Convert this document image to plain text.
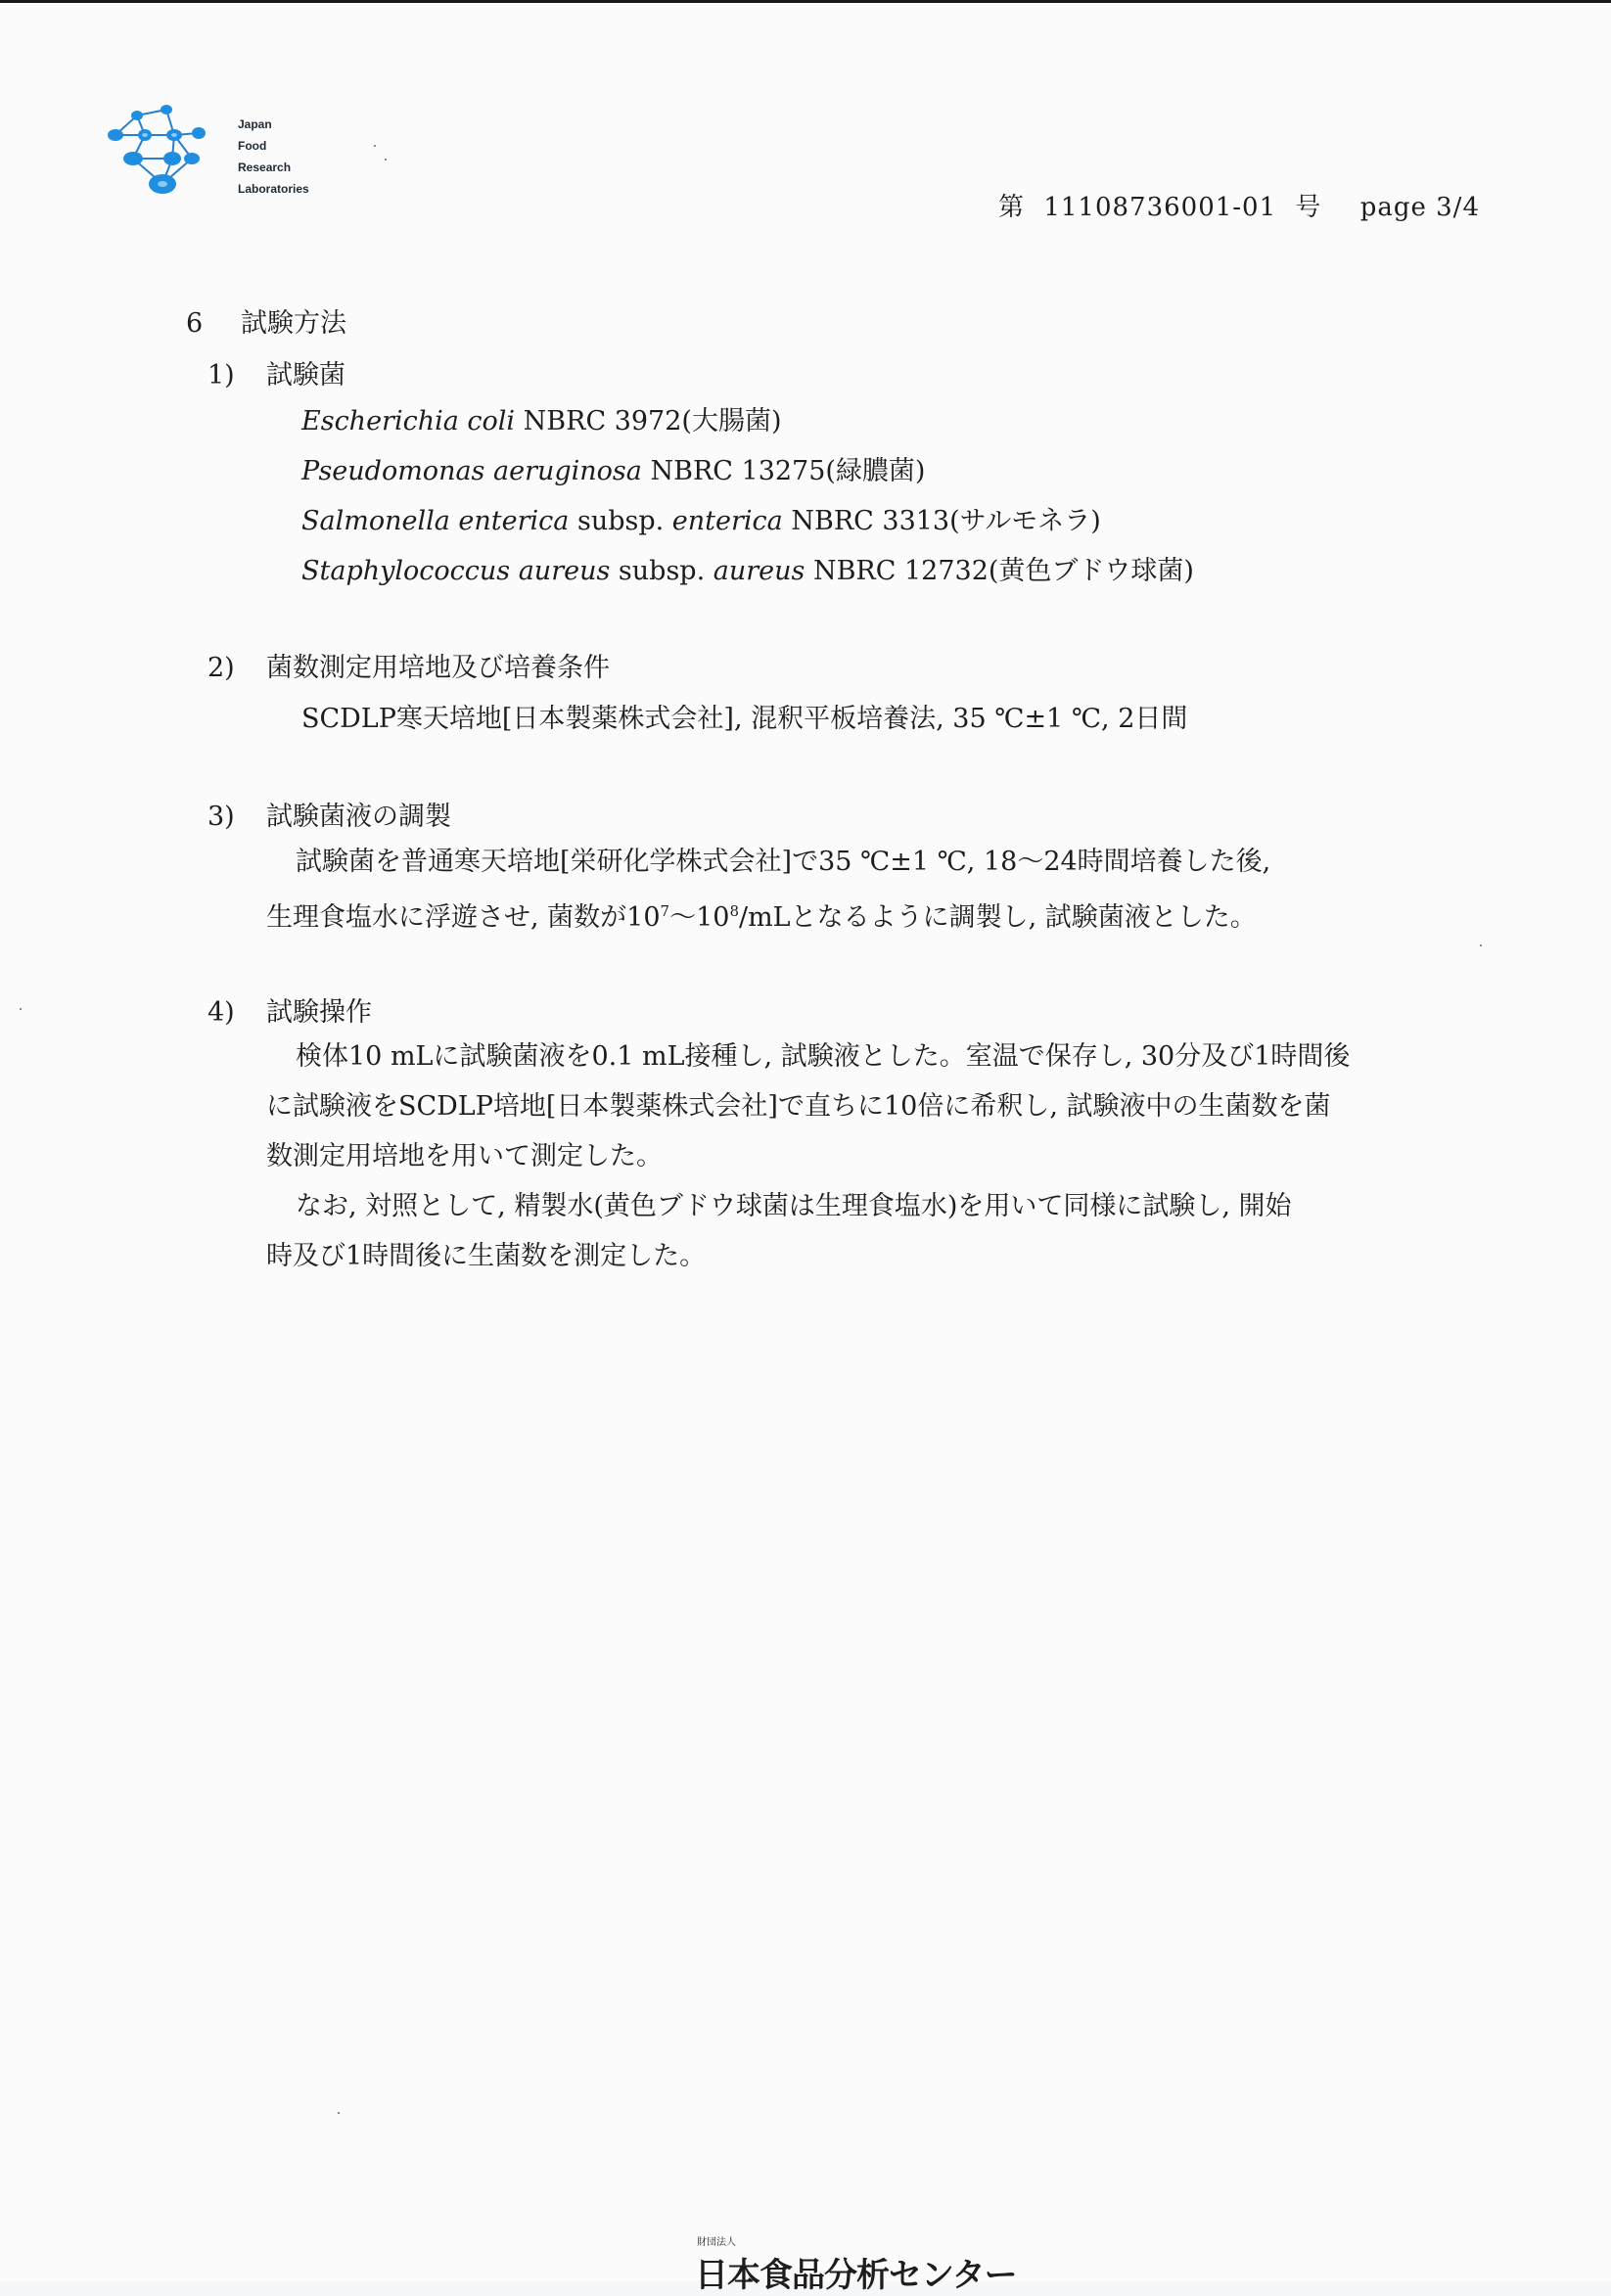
Japan
Food
Research
Laboratories
第 11108736001-01 号 page 3/4
6 試験方法
1) 試験菌
Escherichia coli NBRC 3972(大腸菌)
Pseudomonas aeruginosa NBRC 13275(緑膿菌)
Salmonella enterica subsp. enterica NBRC 3313(サルモネラ)
Staphylococcus aureus subsp. aureus NBRC 12732(黄色ブドウ球菌)
2) 菌数測定用培地及び培養条件
SCDLP寒天培地[日本製薬株式会社], 混釈平板培養法, 35 ℃±1 ℃, 2日間
3) 試験菌液の調製
試験菌を普通寒天培地[栄研化学株式会社]で35 ℃±1 ℃, 18～24時間培養した後,
生理食塩水に浮遊させ, 菌数が$10^7\sim 10^8/mL$となるように調製し, 試験菌液とした。
4) 試験操作
検体10 mLに試験菌液を0.1 mL接種し, 試験液とした。室温で保存し, 30分及び1時間後
に試験液をSCDLP培地[日本製薬株式会社]で直ちに10倍に希釈し, 試験液中の生菌数を菌
数測定用培地を用いて測定した。
なお, 対照として, 精製水(黄色ブドウ球菌は生理食塩水)を用いて同様に試験し, 開始
時及び1時間後に生菌数を測定した。
財団法人
日本食品分析センター
